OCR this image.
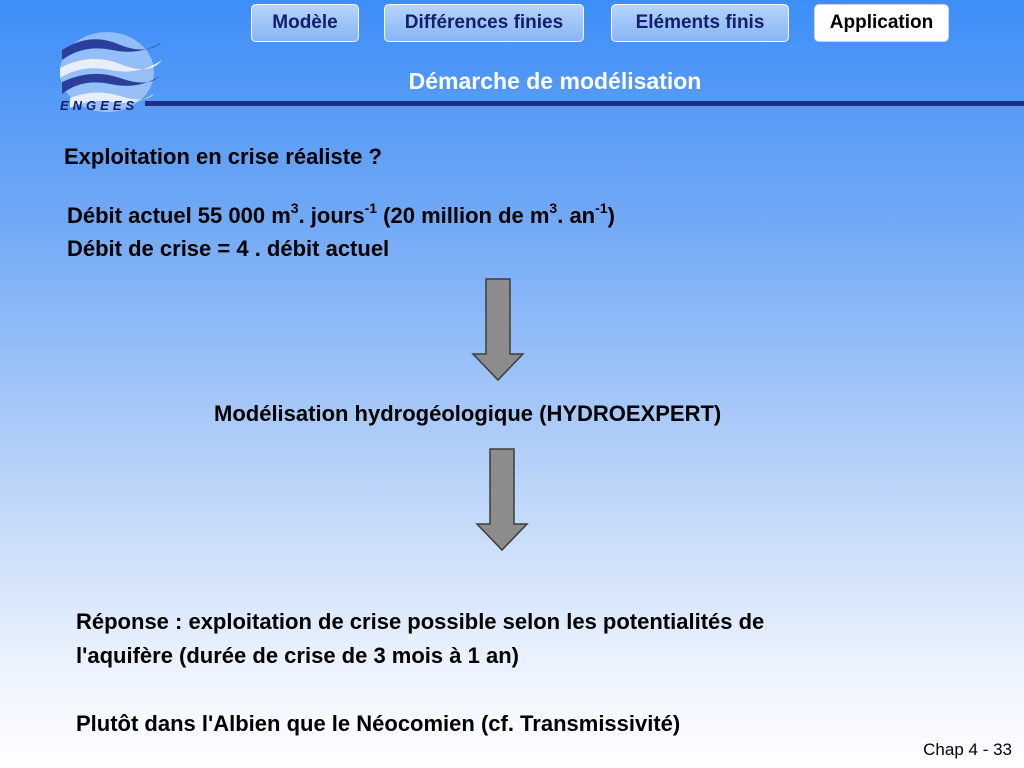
ENGEES
Modèle	Différences finies	Eléments finis	Application
Démarche de modélisation
Exploitation en crise réaliste ?
Débit actuel 55 000 $m^3$. jours$^{-1}$ (20 million de $m^3$. $an^{-1}$)
Débit de crise = 4 . débit actuel
Modélisation hydrogéologique (HYDROEXPERT)
Réponse : exploitation de crise possible selon les potentialités de
l'aquifère (durée de crise de 3 mois à 1 an)
Plutôt dans l'Albien que le Néocomien (cf. Transmissivité)
Chap 4 - 33
